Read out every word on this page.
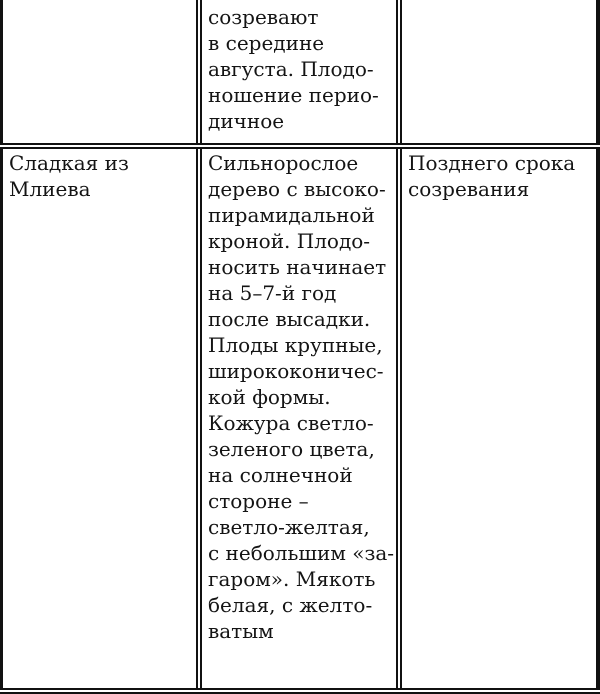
созревают
в середине
августа. Плодо-
ношение перио-
дичное
Сладкая из
Млиева
Сильнорослое
дерево с высоко-
пирамидальной
кроной. Плодо-
носить начинает
на 5–7-й год
после высадки.
Плоды крупные,
ширококоничес-
кой формы.
Кожура светло-
зеленого цвета,
на солнечной
стороне –
светло-желтая,
с небольшим «за-
гаром». Мякоть
белая, с желто-
ватым
Позднего срока
созревания
